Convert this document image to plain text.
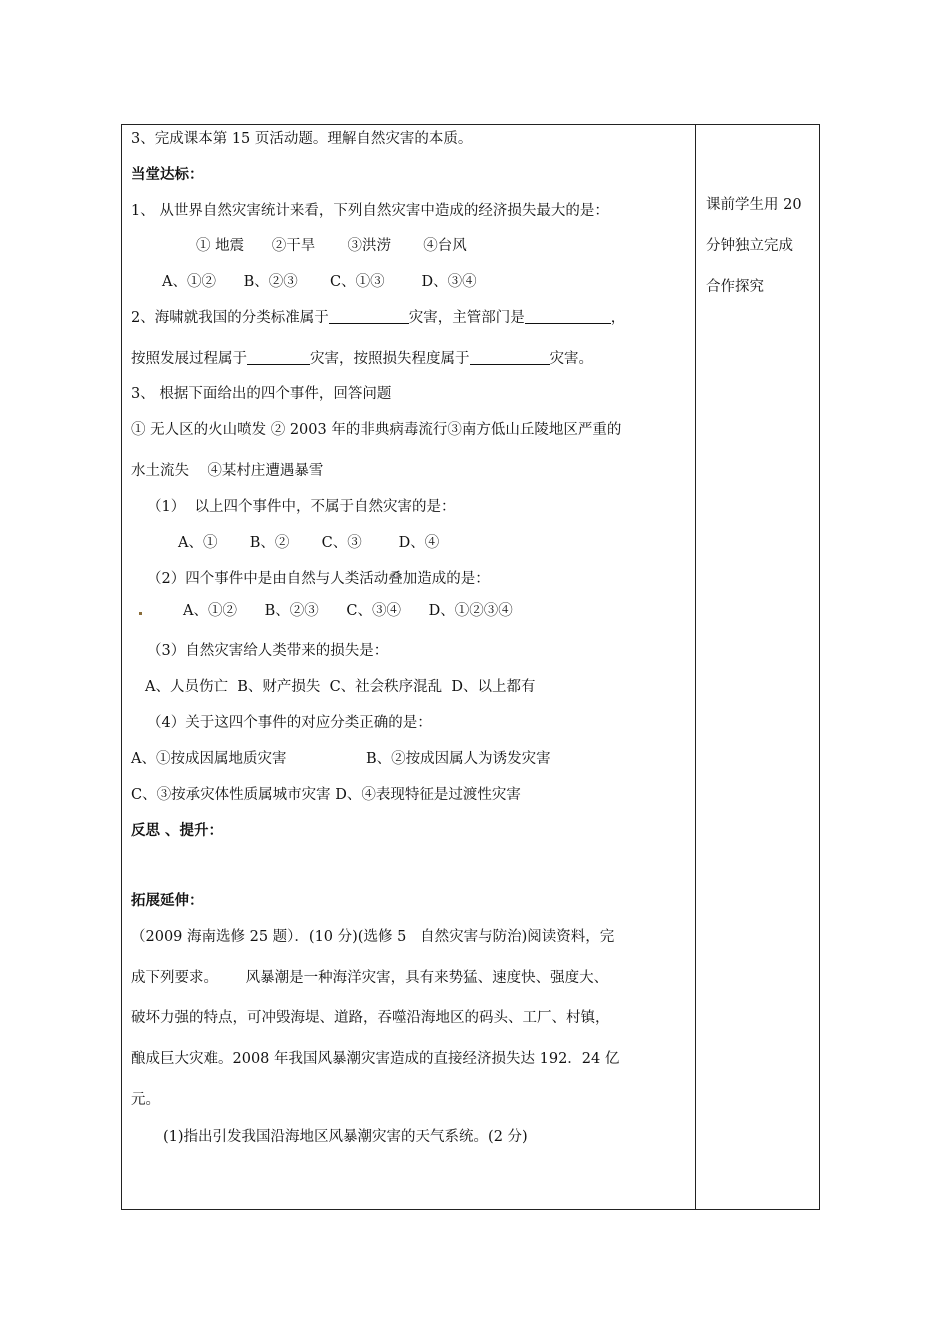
3、完成课本第 15 页活动题。理解自然灾害的本质。
当堂达标：
1、 从世界自然灾害统计来看，下列自然灾害中造成的经济损失最大的是：
① 地震      ②干旱       ③洪涝       ④台风
A、①②      B、②③       C、①③        D、③④
2、海啸就我国的分类标准属于	灾害，主管部门是	，
按照发展过程属于	灾害，按照损失程度属于	灾害。
3、 根据下面给出的四个事件，回答问题
① 无人区的火山喷发 ② 2003 年的非典病毒流行③南方低山丘陵地区严重的
水土流失    ④某村庄遭遇暴雪
（1）  以上四个事件中，不属于自然灾害的是：
A、①       B、②       C、③        D、④
（2）四个事件中是由自然与人类活动叠加造成的是：
A、①②      B、②③      C、③④      D、①②③④
（3）自然灾害给人类带来的损失是：
A、人员伤亡  B、财产损失  C、社会秩序混乱  D、以上都有
（4）关于这四个事件的对应分类正确的是：
A、①按成因属地质灾害	B、②按成因属人为诱发灾害
C、③按承灾体性质属城市灾害 D、④表现特征是过渡性灾害
反思 、提升：
拓展延伸：
（2009 海南选修 25 题）．(10 分)(选修 5   自然灾害与防治)阅读资料，完
成下列要求。      风暴潮是一种海洋灾害，具有来势猛、速度快、强度大、
破坏力强的特点，可冲毁海堤、道路，吞噬沿海地区的码头、工厂、村镇，
酿成巨大灾难。2008 年我国风暴潮灾害造成的直接经济损失达 192．24 亿
元。
(1)指出引发我国沿海地区风暴潮灾害的天气系统。(2 分)
课前学生用 20
分钟独立完成
合作探究
